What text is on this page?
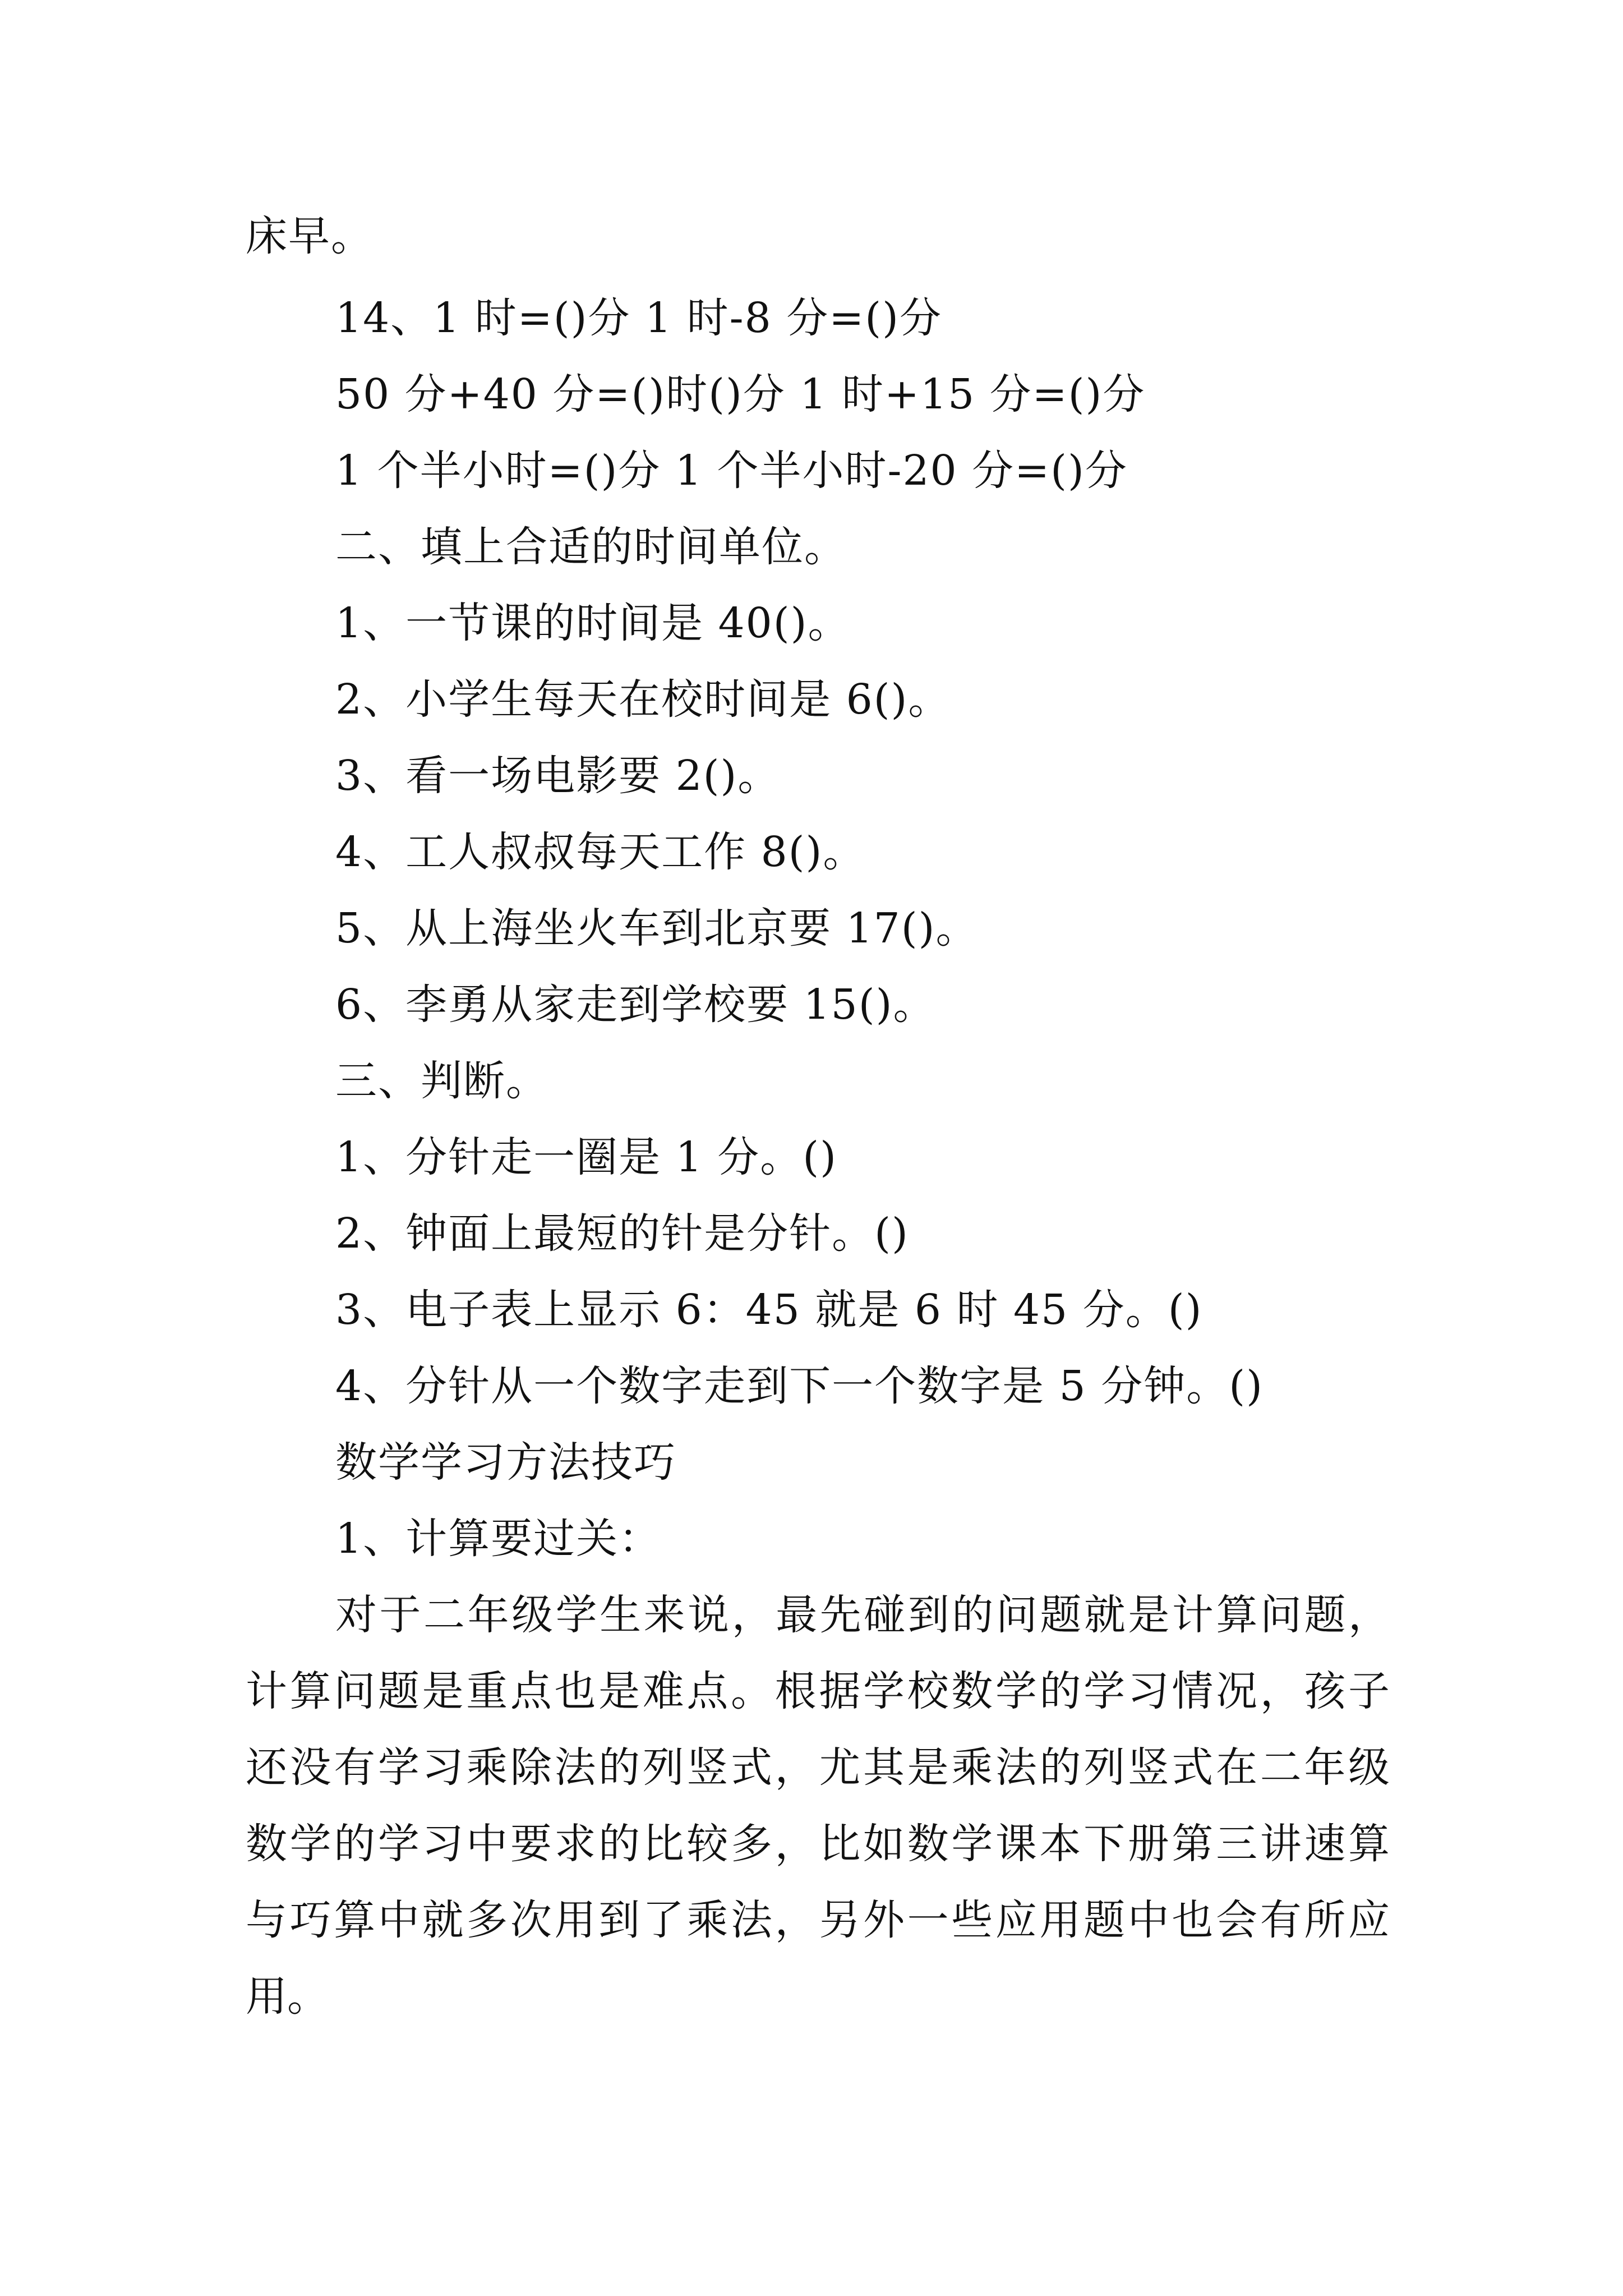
床早。
14、1 时=()分 1 时-8 分=()分
50 分+40 分=()时()分 1 时+15 分=()分
1 个半小时=()分 1 个半小时-20 分=()分
二、填上合适的时间单位。
1、一节课的时间是 40()。
2、小学生每天在校时间是 6()。
3、看一场电影要 2()。
4、工人叔叔每天工作 8()。
5、从上海坐火车到北京要 17()。
6、李勇从家走到学校要 15()。
三、判断。
1、分针走一圈是 1 分。()
2、钟面上最短的针是分针。()
3、电子表上显示 6：45 就是 6 时 45 分。()
4、分针从一个数字走到下一个数字是 5 分钟。()
数学学习方法技巧
1、计算要过关：
对于二年级学生来说，最先碰到的问题就是计算问题，
计算问题是重点也是难点。根据学校数学的学习情况，孩子
还没有学习乘除法的列竖式，尤其是乘法的列竖式在二年级
数学的学习中要求的比较多，比如数学课本下册第三讲速算
与巧算中就多次用到了乘法，另外一些应用题中也会有所应
用。
